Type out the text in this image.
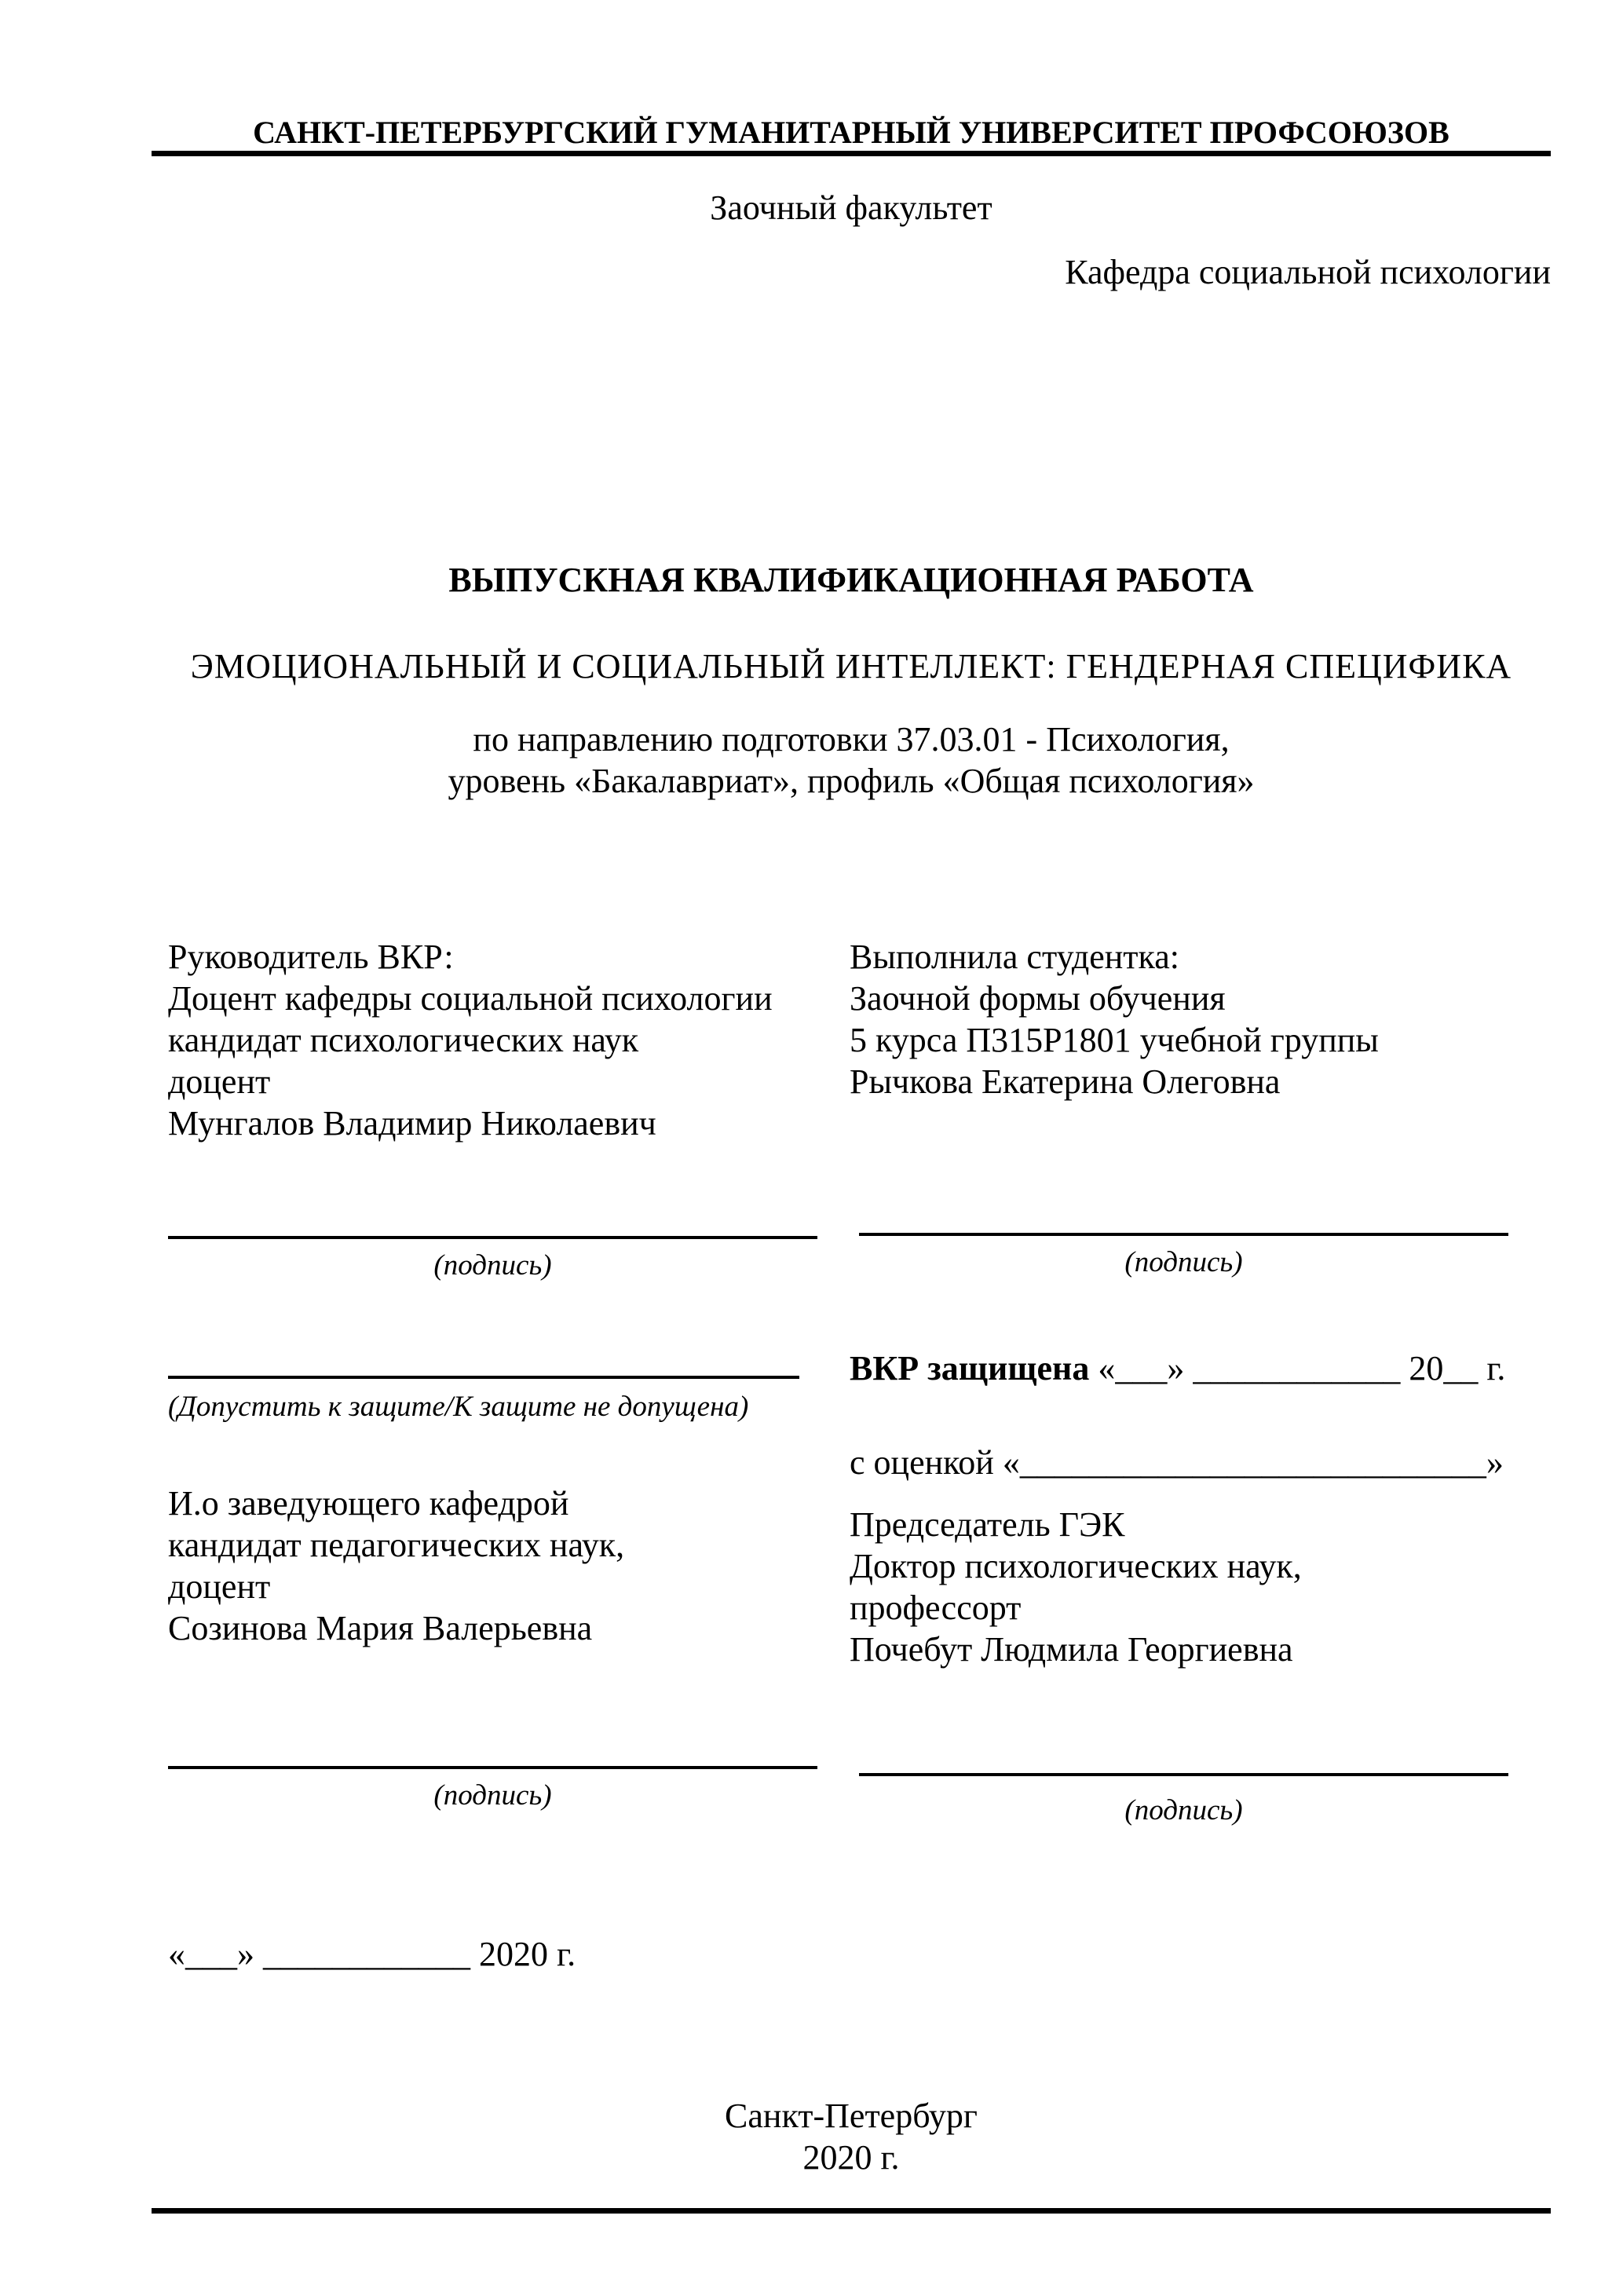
САНКТ-ПЕТЕРБУРГСКИЙ ГУМАНИТАРНЫЙ УНИВЕРСИТЕТ ПРОФСОЮЗОВ
Заочный факультет
Кафедра социальной психологии
ВЫПУСКНАЯ КВАЛИФИКАЦИОННАЯ РАБОТА
ЭМОЦИОНАЛЬНЫЙ И СОЦИАЛЬНЫЙ ИНТЕЛЛЕКТ: ГЕНДЕРНАЯ СПЕЦИФИКА
по направлению подготовки 37.03.01 - Психология,
уровень «Бакалавриат», профиль «Общая психология»
Руководитель ВКР:
Доцент кафедры социальной психологии
кандидат психологических наук
доцент
Мунгалов Владимир Николаевич
Выполнила студентка:
Заочной формы обучения
5 курса П315Р1801 учебной группы
Рычкова Екатерина Олеговна
(подпись)	(подпись)
(Допустить к защите/К защите не допущена)
ВКР защищена «___» ____________ 20__ г.
с оценкой «___________________________»
И.о заведующего кафедрой
кандидат педагогических наук,
доцент
Созинова Мария Валерьевна
Председатель ГЭК
Доктор психологических наук,
профессорт
Почебут Людмила Георгиевна
(подпись)	(подпись)
«___» ____________ 2020 г.
Санкт-Петербург
2020 г.
